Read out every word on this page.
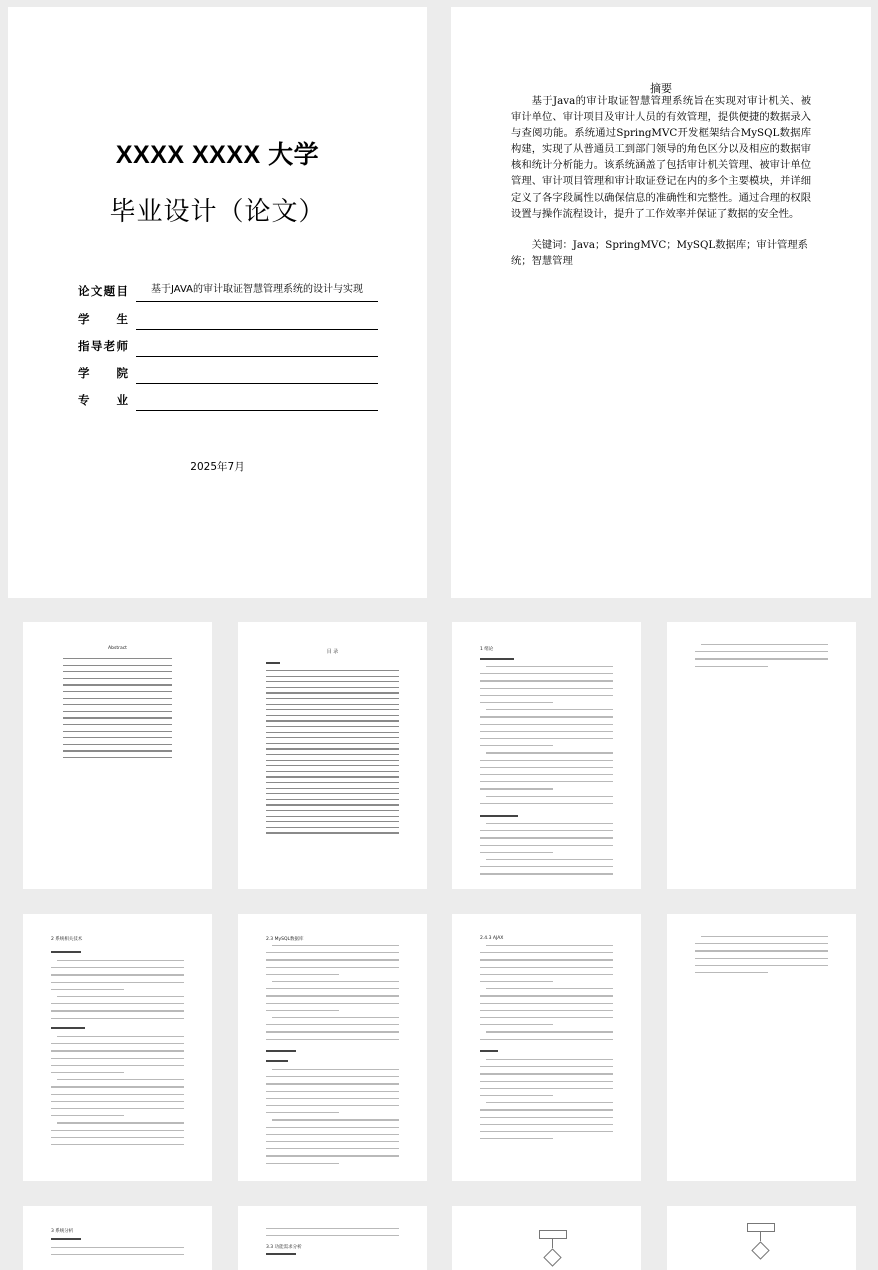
XXXX XXXX 大学
毕业设计（论文）
论文题目	基于JAVA的审计取证智慧管理系统的设计与实现
学生
指导老师
学院
专业
2025年7月
摘要
基于Java的审计取证智慧管理系统旨在实现对审计机关、被审计单位、审计项目及审计人员的有效管理，提供便捷的数据录入与查阅功能。系统通过SpringMVC开发框架结合MySQL数据库构建，实现了从普通员工到部门领导的角色区分以及相应的数据审核和统计分析能力。该系统涵盖了包括审计机关管理、被审计单位管理、审计项目管理和审计取证登记在内的多个主要模块，并详细定义了各字段属性以确保信息的准确性和完整性。通过合理的权限设置与操作流程设计，提升了工作效率并保证了数据的安全性。
关键词：Java；SpringMVC；MySQL数据库；审计管理系统；智慧管理
Abstract
目 录	1 绪论
2 系统相关技术	2.3 MySQL数据库	2.4.3 AJAX
3 系统分析
3.3 功能需求分析
